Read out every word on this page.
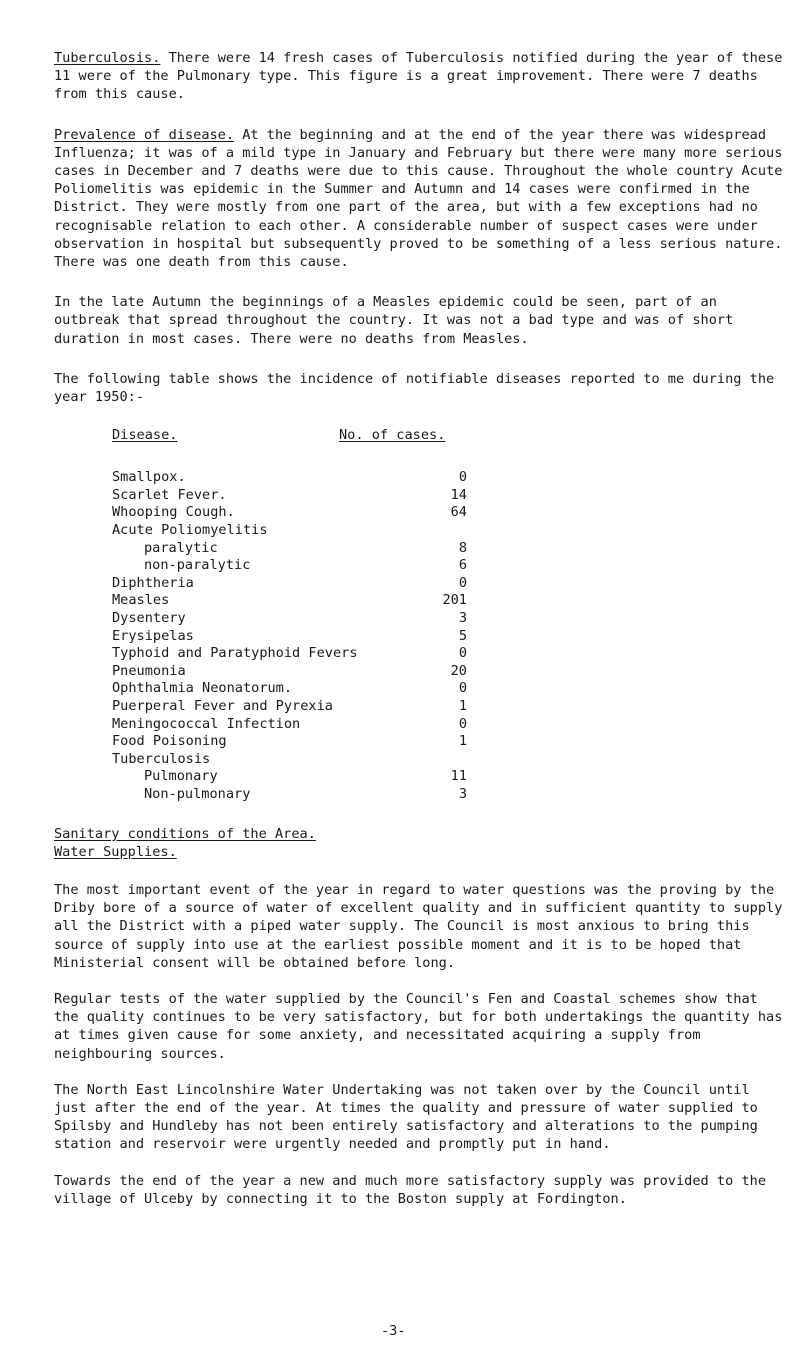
Tuberculosis. There were 14 fresh cases of Tuberculosis notified during the year of these 11 were of the Pulmonary type. This figure is a great improvement. There were 7 deaths from this cause.

Prevalence of disease. At the beginning and at the end of the year there was widespread Influenza; it was of a mild type in January and February but there were many more serious cases in December and 7 deaths were due to this cause. Throughout the whole country Acute Poliomelitis was epidemic in the Summer and Autumn and 14 cases were confirmed in the District. They were mostly from one part of the area, but with a few exceptions had no recognisable relation to each other. A considerable number of suspect cases were under observation in hospital but subsequently proved to be something of a less serious nature. There was one death from this cause.

In the late Autumn the beginnings of a Measles epidemic could be seen, part of an outbreak that spread throughout the country. It was not a bad type and was of short duration in most cases. There were no deaths from Measles.

The following table shows the incidence of notifiable diseases reported to me during the year 1950:-

Disease.	No. of cases.
Smallpox.	0
Scarlet Fever.	14
Whooping Cough.	64
Acute Poliomyelitis
paralytic	8
non-paralytic	6
Diphtheria	0
Measles	201
Dysentery	3
Erysipelas	5
Typhoid and Paratyphoid Fevers	0
Pneumonia	20
Ophthalmia Neonatorum.	0
Puerperal Fever and Pyrexia	1
Meningococcal Infection	0
Food Poisoning	1
Tuberculosis
Pulmonary	11
Non-pulmonary	3

Sanitary conditions of the Area.

Water Supplies.

The most important event of the year in regard to water questions was the proving by the Driby bore of a source of water of excellent quality and in sufficient quantity to supply all the District with a piped water supply. The Council is most anxious to bring this source of supply into use at the earliest possible moment and it is to be hoped that Ministerial consent will be obtained before long.

Regular tests of the water supplied by the Council's Fen and Coastal schemes show that the quality continues to be very satisfactory, but for both undertakings the quantity has at times given cause for some anxiety, and necessitated acquiring a supply from neighbouring sources.

The North East Lincolnshire Water Undertaking was not taken over by the Council until just after the end of the year. At times the quality and pressure of water supplied to Spilsby and Hundleby has not been entirely satisfactory and alterations to the pumping station and reservoir were urgently needed and promptly put in hand.

Towards the end of the year a new and much more satisfactory supply was provided to the village of Ulceby by connecting it to the Boston supply at Fordington.

-3-
